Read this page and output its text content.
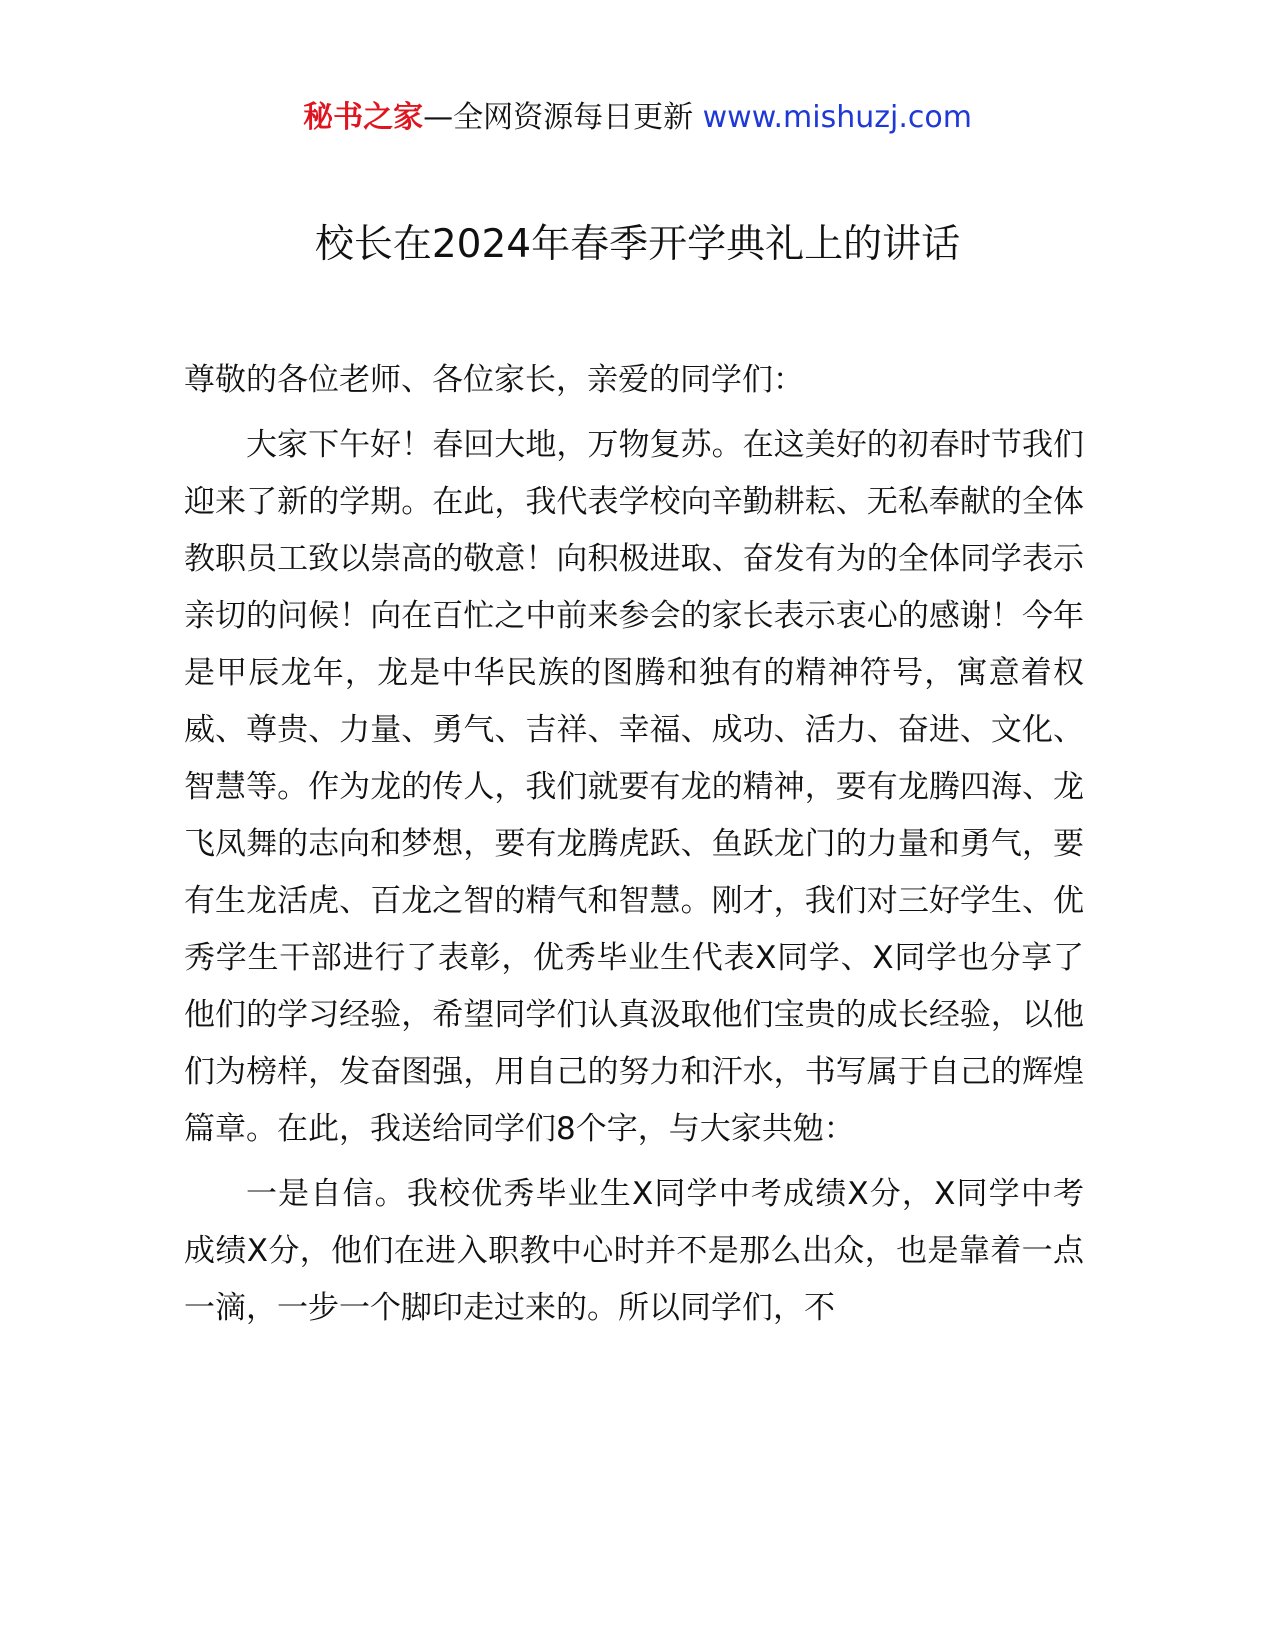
秘书之家—全网资源每日更新 www.mishuzj.com
校长在2024年春季开学典礼上的讲话

尊敬的各位老师、各位家长，亲爱的同学们：

大家下午好！春回大地，万物复苏。在这美好的初春时节我们迎来了新的学期。在此，我代表学校向辛勤耕耘、无私奉献的全体教职员工致以崇高的敬意！向积极进取、奋发有为的全体同学表示亲切的问候！向在百忙之中前来参会的家长表示衷心的感谢！今年是甲辰龙年，龙是中华民族的图腾和独有的精神符号，寓意着权威、尊贵、力量、勇气、吉祥、幸福、成功、活力、奋进、文化、智慧等。作为龙的传人，我们就要有龙的精神，要有龙腾四海、龙飞凤舞的志向和梦想，要有龙腾虎跃、鱼跃龙门的力量和勇气，要有生龙活虎、百龙之智的精气和智慧。刚才，我们对三好学生、优秀学生干部进行了表彰，优秀毕业生代表X同学、X同学也分享了他们的学习经验，希望同学们认真汲取他们宝贵的成长经验，以他们为榜样，发奋图强，用自己的努力和汗水，书写属于自己的辉煌篇章。在此，我送给同学们8个字，与大家共勉：

一是自信。我校优秀毕业生X同学中考成绩X分，X同学中考成绩X分，他们在进入职教中心时并不是那么出众，也是靠着一点一滴，一步一个脚印走过来的。所以同学们，不
